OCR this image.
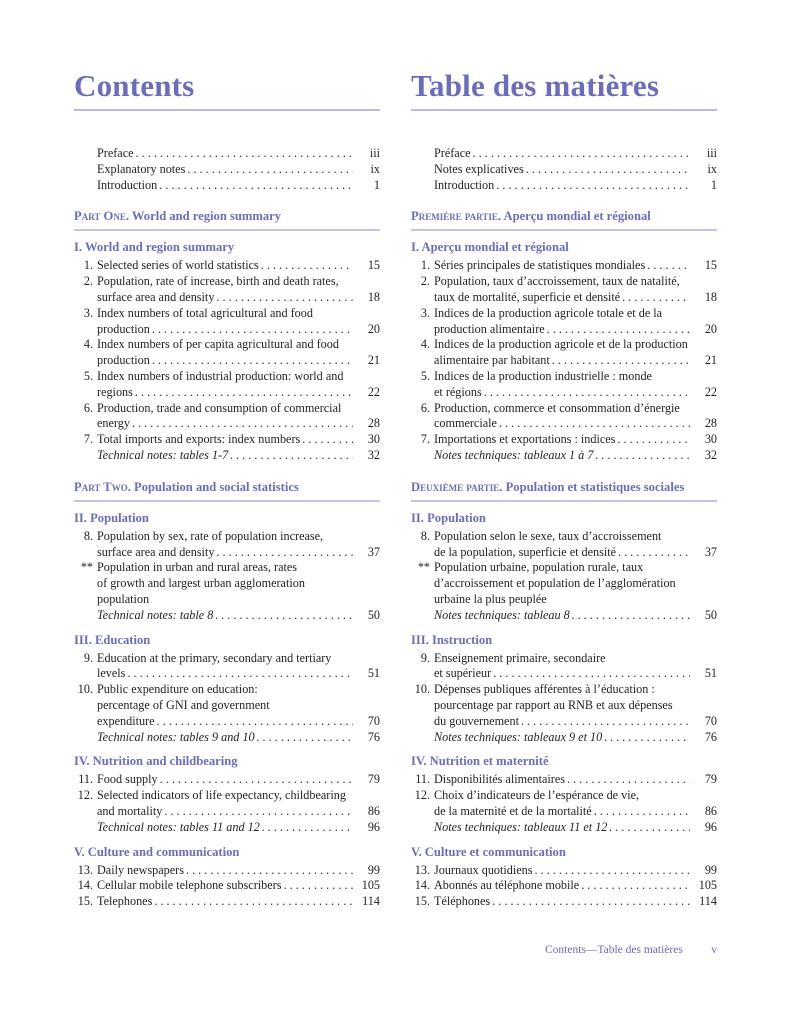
Contents
Preface . . .	iii
Explanatory notes . . .	ix
Introduction . . .	1
Part One. World and region summary
I. World and region summary
1. Selected series of world statistics . . .	15
2. Population, rate of increase, birth and death rates,
surface area and density . . .	18
3. Index numbers of total agricultural and food
production . . .	20
4. Index numbers of per capita agricultural and food
production . . .	21
5. Index numbers of industrial production: world and
regions . . .	22
6. Production, trade and consumption of commercial
energy . . .	28
7. Total imports and exports: index numbers . . .	30
Technical notes: tables 1-7 . . .	32
Part Two. Population and social statistics
II. Population
8. Population by sex, rate of population increase,
surface area and density . . .	37
** Population in urban and rural areas, rates
of growth and largest urban agglomeration
population
Technical notes: table 8 . . .	50
III. Education
9. Education at the primary, secondary and tertiary
levels . . .	51
10. Public expenditure on education:
percentage of GNI and government
expenditure . . .	70
Technical notes: tables 9 and 10 . . .	76
IV. Nutrition and childbearing
11. Food supply . . .	79
12. Selected indicators of life expectancy, childbearing
and mortality . . .	86
Technical notes: tables 11 and 12 . . .	96
V. Culture and communication
13. Daily newspapers . . .	99
14. Cellular mobile telephone subscribers . . .	105
15. Telephones . . .	114
Table des matières
Préface . . .	iii
Notes explicatives . . .	ix
Introduction . . .	1
Première partie. Aperçu mondial et régional
I. Aperçu mondial et régional
1. Séries principales de statistiques mondiales . . .	15
2. Population, taux d’accroissement, taux de natalité,
taux de mortalité, superficie et densité . . .	18
3. Indices de la production agricole totale et de la
production alimentaire . . .	20
4. Indices de la production agricole et de la production
alimentaire par habitant . . .	21
5. Indices de la production industrielle : monde
et régions . . .	22
6. Production, commerce et consommation d’énergie
commerciale . . .	28
7. Importations et exportations : indices . . .	30
Notes techniques: tableaux 1 à 7 . . .	32
Deuxième partie. Population et statistiques sociales
II. Population
8. Population selon le sexe, taux d’accroissement
de la population, superficie et densité . . .	37
** Population urbaine, population rurale, taux
d’accroissement et population de l’agglomération
urbaine la plus peuplée
Notes techniques: tableau 8 . . .	50
III. Instruction
9. Enseignement primaire, secondaire
et supérieur . . .	51
10. Dépenses publiques afférentes à l’éducation :
pourcentage par rapport au RNB et aux dépenses
du gouvernement . . .	70
Notes techniques: tableaux 9 et 10 . . .	76
IV. Nutrition et maternité
11. Disponibilités alimentaires . . .	79
12. Choix d’indicateurs de l’espérance de vie,
de la maternité et de la mortalité . . .	86
Notes techniques: tableaux 11 et 12 . . .	96
V. Culture et communication
13. Journaux quotidiens . . .	99
14. Abonnés au téléphone mobile . . .	105
15. Téléphones . . .	114
Contents—Table des matières v
